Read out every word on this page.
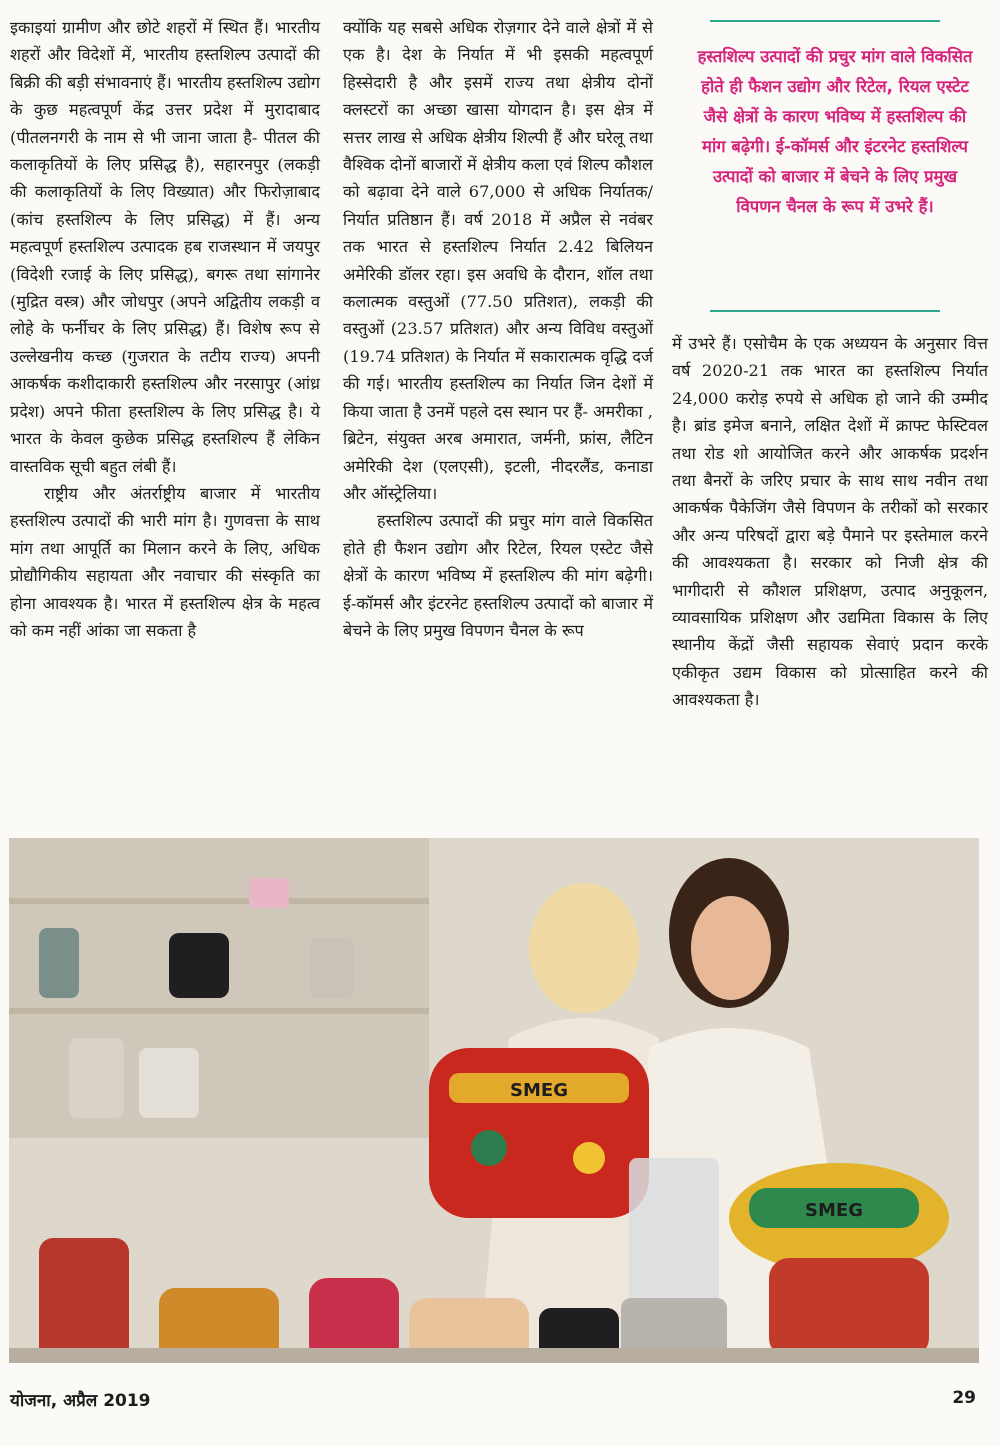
इकाइयां ग्रामीण और छोटे शहरों में स्थित हैं। भारतीय शहरों और विदेशों में, भारतीय हस्तशिल्प उत्पादों की बिक्री की बड़ी संभावनाएं हैं। भारतीय हस्तशिल्प उद्योग के कुछ महत्वपूर्ण केंद्र उत्तर प्रदेश में मुरादाबाद (पीतलनगरी के नाम से भी जाना जाता है- पीतल की कलाकृतियों के लिए प्रसिद्ध है), सहारनपुर (लकड़ी की कलाकृतियों के लिए विख्यात) और फिरोज़ाबाद (कांच हस्तशिल्प के लिए प्रसिद्ध) में हैं। अन्य महत्वपूर्ण हस्तशिल्प उत्पादक हब राजस्थान में जयपुर (विदेशी रजाई के लिए प्रसिद्ध), बगरू तथा सांगानेर (मुद्रित वस्त्र) और जोधपुर (अपने अद्वितीय लकड़ी व लोहे के फर्नीचर के लिए प्रसिद्ध) हैं। विशेष रूप से उल्लेखनीय कच्छ (गुजरात के तटीय राज्य) अपनी आकर्षक कशीदाकारी हस्तशिल्प और नरसापुर (आंध्र प्रदेश) अपने फीता हस्तशिल्प के लिए प्रसिद्ध है। ये भारत के केवल कुछेक प्रसिद्ध हस्तशिल्प हैं लेकिन वास्तविक सूची बहुत लंबी हैं।

राष्ट्रीय और अंतर्राष्ट्रीय बाजार में भारतीय हस्तशिल्प उत्पादों की भारी मांग है। गुणवत्ता के साथ मांग तथा आपूर्ति का मिलान करने के लिए, अधिक प्रोद्यौगिकीय सहायता और नवाचार की संस्कृति का होना आवश्यक है। भारत में हस्तशिल्प क्षेत्र के महत्व को कम नहीं आंका जा सकता है

क्योंकि यह सबसे अधिक रोज़गार देने वाले क्षेत्रों में से एक है। देश के निर्यात में भी इसकी महत्वपूर्ण हिस्सेदारी है और इसमें राज्य तथा क्षेत्रीय दोनों क्लस्टरों का अच्छा खासा योगदान है। इस क्षेत्र में सत्तर लाख से अधिक क्षेत्रीय शिल्पी हैं और घरेलू तथा वैश्विक दोनों बाजारों में क्षेत्रीय कला एवं शिल्प कौशल को बढ़ावा देने वाले 67,000 से अधिक निर्यातक/निर्यात प्रतिष्ठान हैं। वर्ष 2018 में अप्रैल से नवंबर तक भारत से हस्तशिल्प निर्यात 2.42 बिलियन अमेरिकी डॉलर रहा। इस अवधि के दौरान, शॉल तथा कलात्मक वस्तुओं (77.50 प्रतिशत), लकड़ी की वस्तुओं (23.57 प्रतिशत) और अन्य विविध वस्तुओं (19.74 प्रतिशत) के निर्यात में सकारात्मक वृद्धि दर्ज की गई। भारतीय हस्तशिल्प का निर्यात जिन देशों में किया जाता है उनमें पहले दस स्थान पर हैं- अमरीका , ब्रिटेन, संयुक्त अरब अमारात, जर्मनी, फ्रांस, लैटिन अमेरिकी देश (एलएसी), इटली, नीदरलैंड, कनाडा और ऑस्ट्रेलिया।

हस्तशिल्प उत्पादों की प्रचुर मांग वाले विकसित होते ही फैशन उद्योग और रिटेल, रियल एस्टेट जैसे क्षेत्रों के कारण भविष्य में हस्तशिल्प की मांग बढ़ेगी। ई-कॉमर्स और इंटरनेट हस्तशिल्प उत्पादों को बाजार में बेचने के लिए प्रमुख विपणन चैनल के रूप

हस्तशिल्प उत्पादों की प्रचुर मांग वाले विकसित होते ही फैशन उद्योग और रिटेल, रियल एस्टेट जैसे क्षेत्रों के कारण भविष्य में हस्तशिल्प की मांग बढ़ेगी। ई-कॉमर्स और इंटरनेट हस्तशिल्प उत्पादों को बाजार में बेचने के लिए प्रमुख विपणन चैनल के रूप में उभरे हैं।

में उभरे हैं। एसोचैम के एक अध्ययन के अनुसार वित्त वर्ष 2020-21 तक भारत का हस्तशिल्प निर्यात 24,000 करोड़ रुपये से अधिक हो जाने की उम्मीद है। ब्रांड इमेज बनाने, लक्षित देशों में क्राफ्ट फेस्टिवल तथा रोड शो आयोजित करने और आकर्षक प्रदर्शन तथा बैनरों के जरिए प्रचार के साथ साथ नवीन तथा आकर्षक पैकेजिंग जैसे विपणन के तरीकों को सरकार और अन्य परिषदों द्वारा बड़े पैमाने पर इस्तेमाल करने की आवश्यकता है। सरकार को निजी क्षेत्र की भागीदारी से कौशल प्रशिक्षण, उत्पाद अनुकूलन, व्यावसायिक प्रशिक्षण और उद्यमिता विकास के लिए स्थानीय केंद्रों जैसी सहायक सेवाएं प्रदान करके एकीकृत उद्यम विकास को प्रोत्साहित करने की आवश्यकता है।

SMEG
SMEG
योजना, अप्रैल 2019	29
